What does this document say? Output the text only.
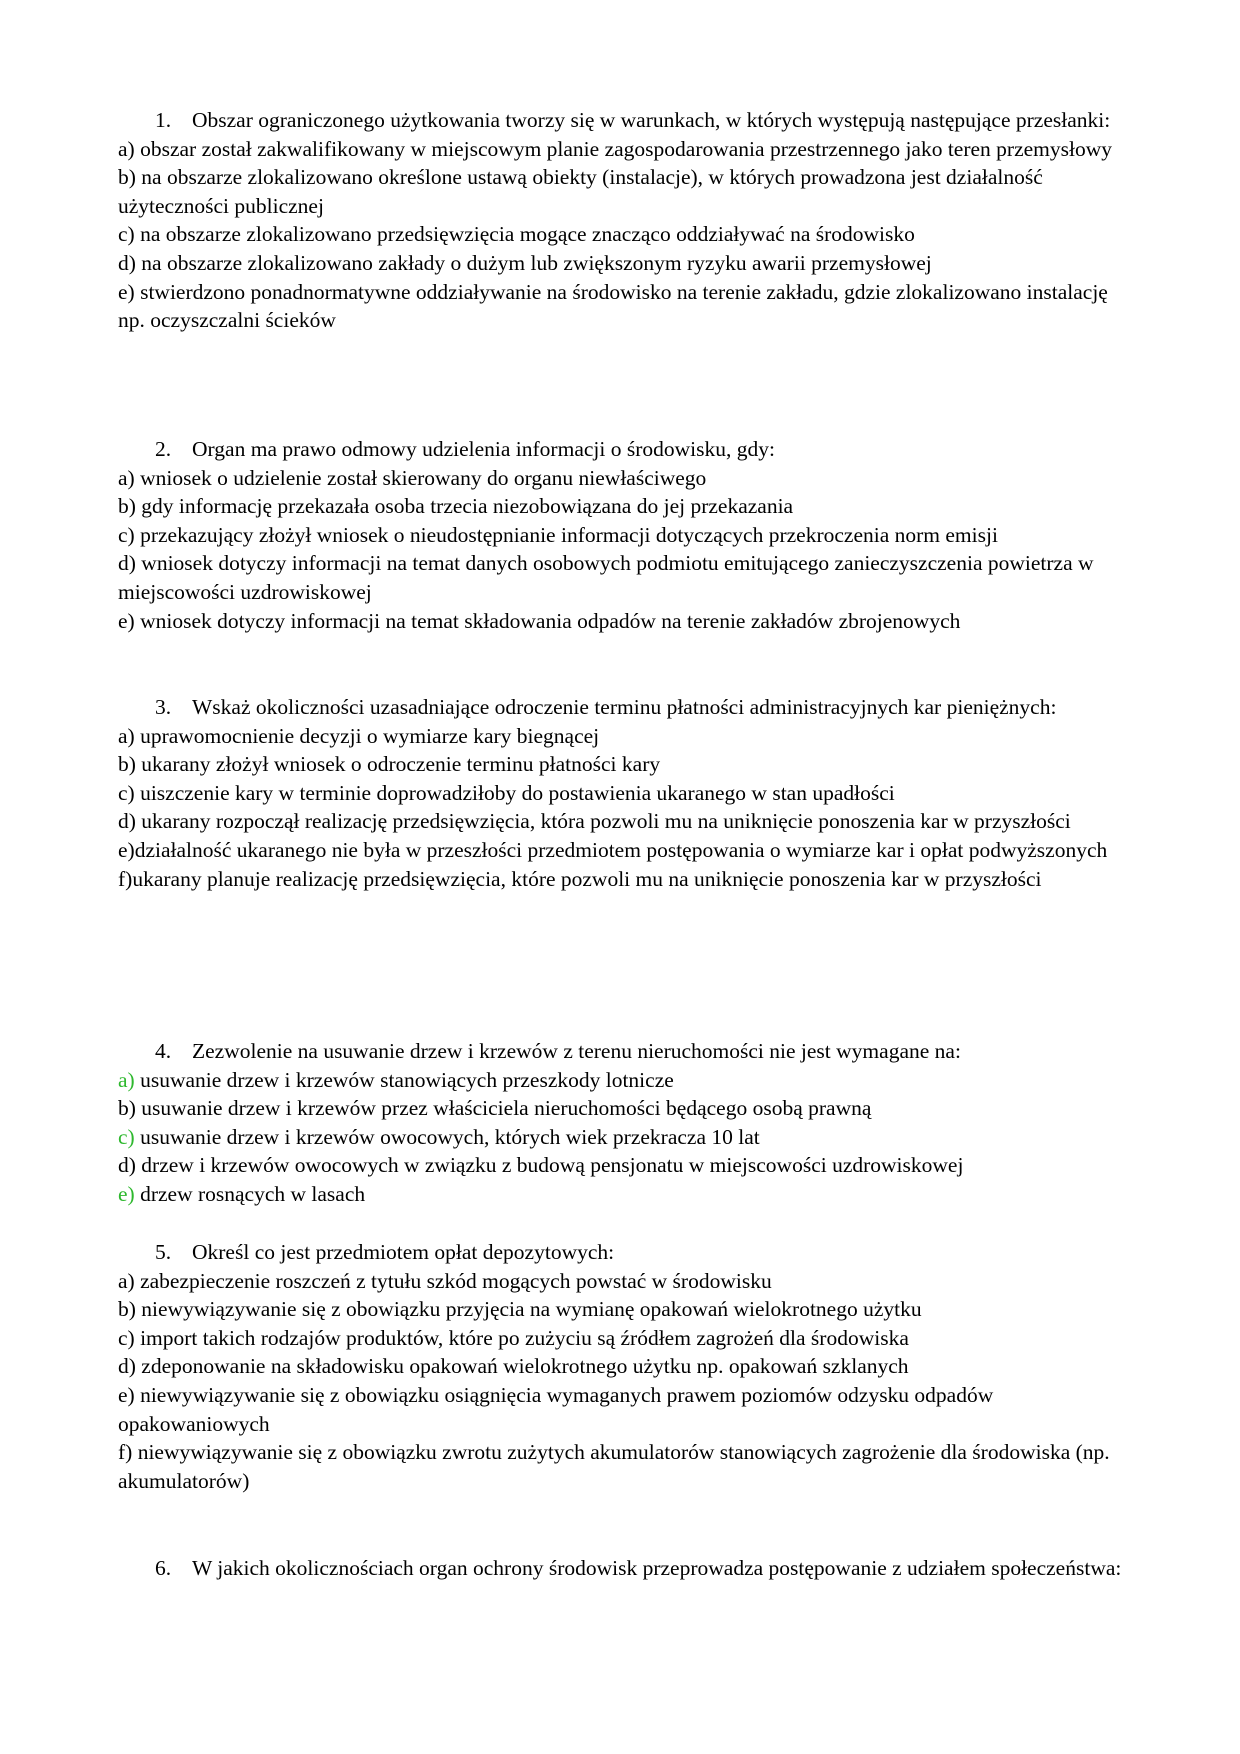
1. Obszar ograniczonego użytkowania tworzy się w warunkach, w których występują następujące przesłanki:
a) obszar został zakwalifikowany w miejscowym planie zagospodarowania przestrzennego jako teren przemysłowy
b) na obszarze zlokalizowano określone ustawą obiekty (instalacje), w których prowadzona jest działalność użyteczności publicznej
c) na obszarze zlokalizowano przedsięwzięcia mogące znacząco oddziaływać na środowisko
d) na obszarze zlokalizowano zakłady o dużym lub zwiększonym ryzyku awarii przemysłowej
e) stwierdzono ponadnormatywne oddziaływanie na środowisko na terenie zakładu, gdzie zlokalizowano instalację np. oczyszczalni ścieków
2. Organ ma prawo odmowy udzielenia informacji o środowisku, gdy:
a) wniosek o udzielenie został skierowany do organu niewłaściwego
b) gdy informację przekazała osoba trzecia niezobowiązana do jej przekazania
c) przekazujący złożył wniosek o nieudostępnianie informacji dotyczących przekroczenia norm emisji
d) wniosek dotyczy informacji na temat danych osobowych podmiotu emitującego zanieczyszczenia powietrza w miejscowości uzdrowiskowej
e) wniosek dotyczy informacji na temat składowania odpadów na terenie zakładów zbrojenowych
3. Wskaż okoliczności uzasadniające odroczenie terminu płatności administracyjnych kar pieniężnych:
a) uprawomocnienie decyzji o wymiarze kary biegnącej
b) ukarany złożył wniosek o odroczenie terminu płatności kary
c) uiszczenie kary w terminie doprowadziłoby do postawienia ukaranego w stan upadłości
d) ukarany rozpoczął realizację przedsięwzięcia, która pozwoli mu na uniknięcie ponoszenia kar w przyszłości
e)działalność ukaranego nie była w przeszłości przedmiotem postępowania o wymiarze kar i opłat podwyższonych
f)ukarany planuje realizację przedsięwzięcia, które pozwoli mu na uniknięcie ponoszenia kar w przyszłości
4. Zezwolenie na usuwanie drzew i krzewów z terenu nieruchomości nie jest wymagane na:
a) usuwanie drzew i krzewów stanowiących przeszkody lotnicze
b) usuwanie drzew i krzewów przez właściciela nieruchomości będącego osobą prawną
c) usuwanie drzew i krzewów owocowych, których wiek przekracza 10 lat
d) drzew i krzewów owocowych w związku z budową pensjonatu w miejscowości uzdrowiskowej
e) drzew rosnących w lasach
5. Określ co jest przedmiotem opłat depozytowych:
a) zabezpieczenie roszczeń z tytułu szkód mogących powstać w środowisku
b) niewywiązywanie się z obowiązku przyjęcia na wymianę opakowań wielokrotnego użytku
c) import takich rodzajów produktów, które po zużyciu są źródłem zagrożeń dla środowiska
d) zdeponowanie na składowisku opakowań wielokrotnego użytku np. opakowań szklanych
e) niewywiązywanie się z obowiązku osiągnięcia wymaganych prawem poziomów odzysku odpadów opakowaniowych
f) niewywiązywanie się z obowiązku zwrotu zużytych akumulatorów stanowiących zagrożenie dla środowiska (np. akumulatorów)
6. W jakich okolicznościach organ ochrony środowisk przeprowadza postępowanie z udziałem społeczeństwa:
